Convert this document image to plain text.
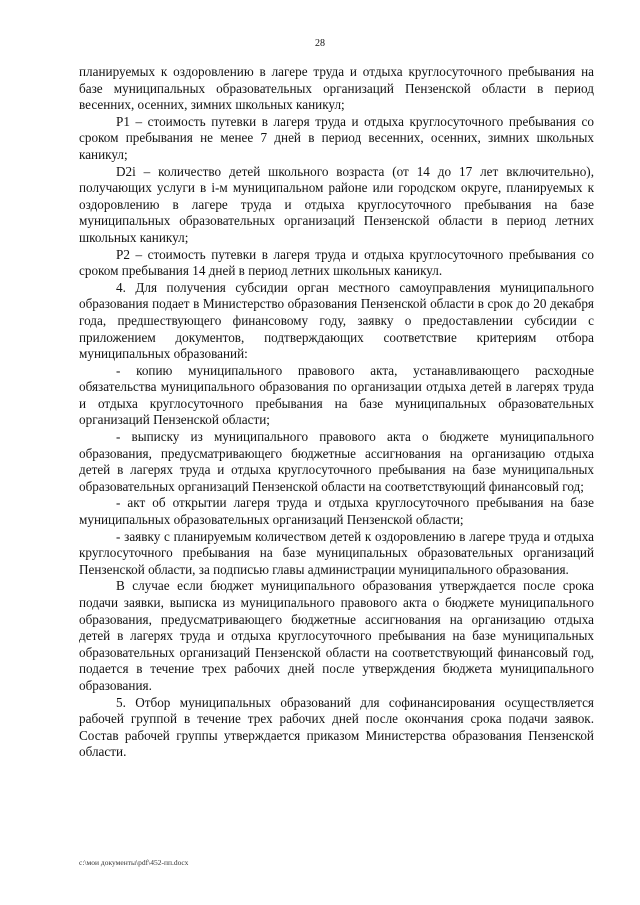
28

планируемых к оздоровлению в лагере труда и отдыха круглосуточного пребывания на базе муниципальных образовательных организаций Пензенской области в период весенних, осенних, зимних школьных каникул;

P1 – стоимость путевки в лагеря труда и отдыха круглосуточного пребывания со сроком пребывания не менее 7 дней в период весенних, осенних, зимних школьных каникул;

D2i – количество детей школьного возраста (от 14 до 17 лет включительно), получающих услуги в i-м муниципальном районе или городском округе, планируемых к оздоровлению в лагере труда и отдыха круглосуточного пребывания на базе муниципальных образовательных организаций Пензенской области в период летних школьных каникул;

P2 – стоимость путевки в лагеря труда и отдыха круглосуточного пребывания со сроком пребывания 14 дней в период летних школьных каникул.

4. Для получения субсидии орган местного самоуправления муниципального образования подает в Министерство образования Пензенской области в срок до 20 декабря года, предшествующего финансовому году, заявку о предоставлении субсидии с приложением документов, подтверждающих соответствие критериям отбора муниципальных образований:

- копию муниципального правового акта, устанавливающего расходные обязательства муниципального образования по организации отдыха детей в лагерях труда и отдыха круглосуточного пребывания на базе муниципальных образовательных организаций Пензенской области;

- выписку из муниципального правового акта о бюджете муниципального образования, предусматривающего бюджетные ассигнования на организацию отдыха детей в лагерях труда и отдыха круглосуточного пребывания на базе муниципальных образовательных организаций Пензенской области на соответствующий финансовый год;

- акт об открытии лагеря труда и отдыха круглосуточного пребывания на базе муниципальных образовательных организаций Пензенской области;

- заявку с планируемым количеством детей к оздоровлению в лагере труда и отдыха круглосуточного пребывания на базе муниципальных образовательных организаций Пензенской области, за подписью главы администрации муниципального образования.

В случае если бюджет муниципального образования утверждается после срока подачи заявки, выписка из муниципального правового акта о бюджете муниципального образования, предусматривающего бюджетные ассигнования на организацию отдыха детей в лагерях труда и отдыха круглосуточного пребывания на базе муниципальных образовательных организаций Пензенской области на соответствующий финансовый год, подается в течение трех рабочих дней после утверждения бюджета муниципального образования.

5. Отбор муниципальных образований для софинансирования осуществляется рабочей группой в течение трех рабочих дней после окончания срока подачи заявок. Состав рабочей группы утверждается приказом Министерства образования Пензенской области.

c:\мои документы\pdf\452-пп.docx
